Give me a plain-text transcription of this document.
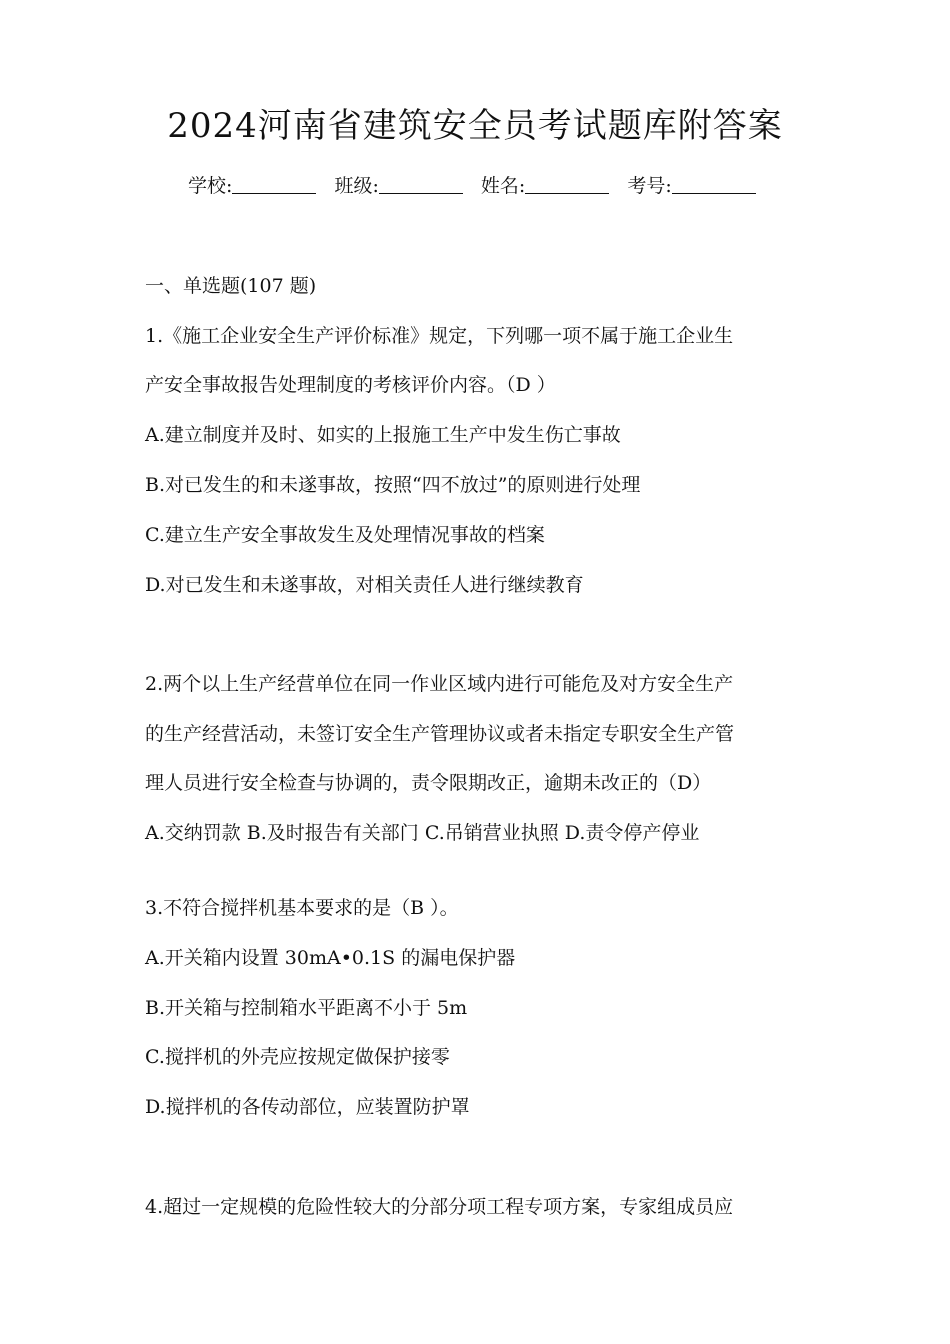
2024河南省建筑安全员考试题库附答案
学校:	班级:	姓名:	考号:
一、单选题(107 题)
1.《施工企业安全生产评价标准》规定，下列哪一项不属于施工企业生
产安全事故报告处理制度的考核评价内容。（D ）
A.建立制度并及时、如实的上报施工生产中发生伤亡事故
B.对已发生的和未遂事故，按照“四不放过”的原则进行处理
C.建立生产安全事故发生及处理情况事故的档案
D.对已发生和未遂事故，对相关责任人进行继续教育
2.两个以上生产经营单位在同一作业区域内进行可能危及对方安全生产
的生产经营活动，未签订安全生产管理协议或者未指定专职安全生产管
理人员进行安全检查与协调的，责令限期改正，逾期未改正的（D）
A.交纳罚款 B.及时报告有关部门 C.吊销营业执照 D.责令停产停业
3.不符合搅拌机基本要求的是（B ）。
A.开关箱内设置 30mA•0.1S 的漏电保护器
B.开关箱与控制箱水平距离不小于 5m
C.搅拌机的外壳应按规定做保护接零
D.搅拌机的各传动部位，应装置防护罩
4.超过一定规模的危险性较大的分部分项工程专项方案，专家组成员应
